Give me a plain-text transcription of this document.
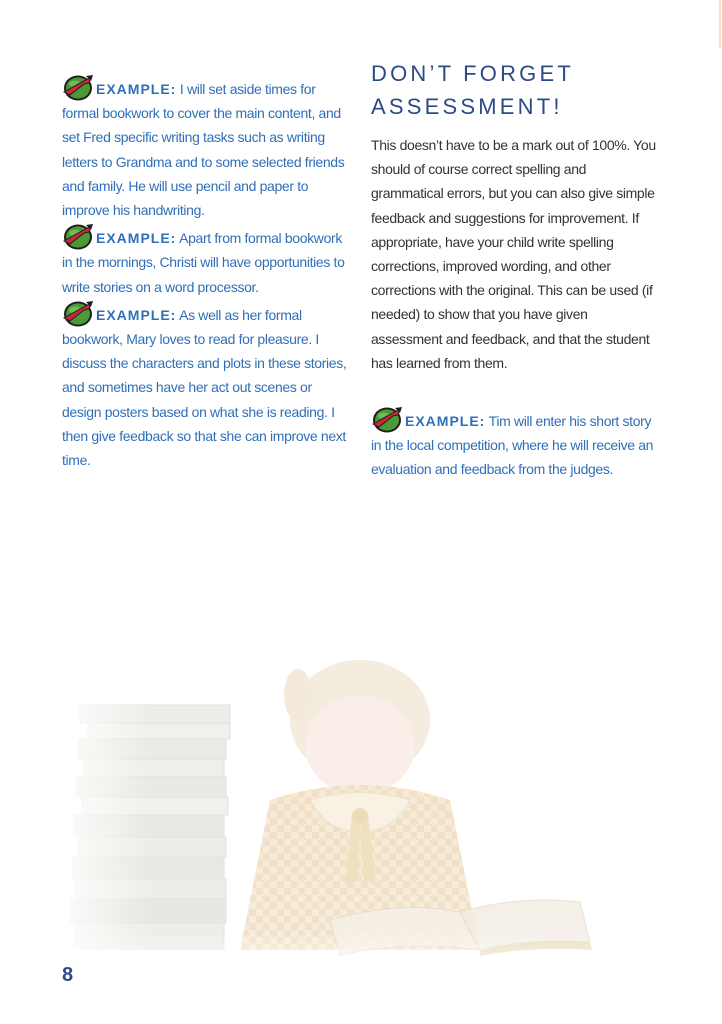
EXAMPLE: I will set aside times for formal bookwork to cover the main content, and set Fred specific writing tasks such as writing letters to Grandma and to some selected friends and family. He will use pencil and paper to improve his handwriting.

EXAMPLE: Apart from formal bookwork in the mornings, Christi will have opportunities to write stories on a word processor.

EXAMPLE: As well as her formal bookwork, Mary loves to read for pleasure. I discuss the characters and plots in these stories, and sometimes have her act out scenes or design posters based on what she is reading. I then give feedback so that she can improve next time.

DON’T FORGET
ASSESSMENT!

This doesn’t have to be a mark out of 100%. You should of course correct spelling and grammatical errors, but you can also give simple feedback and suggestions for improvement. If appropriate, have your child write spelling corrections, improved wording, and other corrections with the original. This can be used (if needed) to show that you have given assessment and feedback, and that the student has learned from them.

EXAMPLE: Tim will enter his short story in the local competition, where he will receive an evaluation and feedback from the judges.

8
